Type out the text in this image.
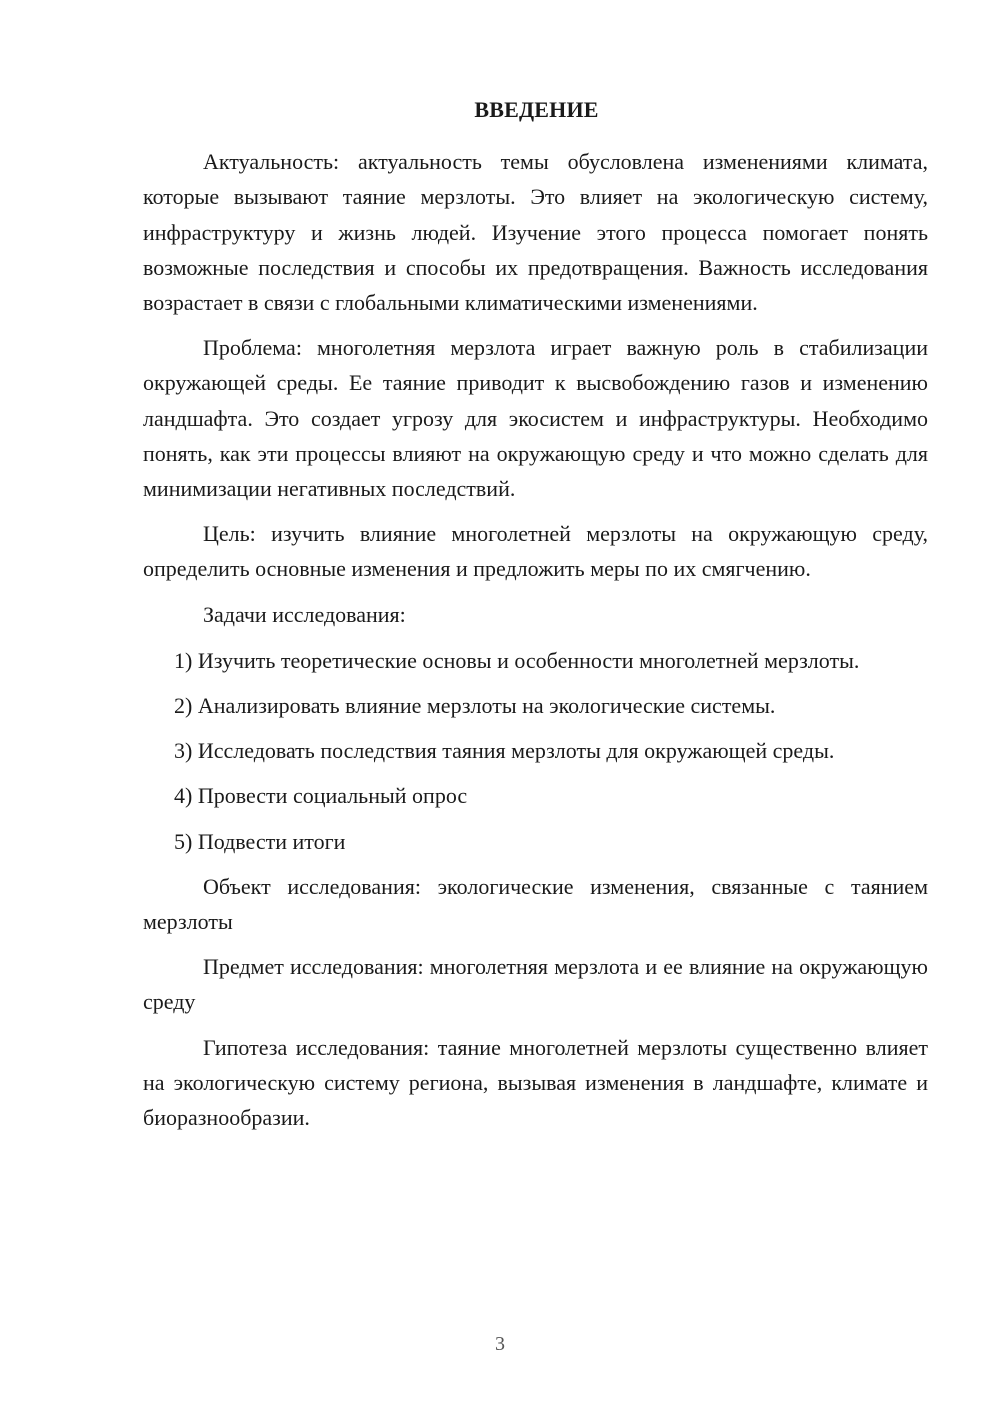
ВВЕДЕНИЕ

Актуальность: актуальность темы обусловлена изменениями климата, которые вызывают таяние мерзлоты. Это влияет на экологическую систему, инфраструктуру и жизнь людей. Изучение этого процесса помогает понять возможные последствия и способы их предотвращения. Важность исследования возрастает в связи с глобальными климатическими изменениями.

Проблема: многолетняя мерзлота играет важную роль в стабилизации окружающей среды. Ее таяние приводит к высвобождению газов и изменению ландшафта. Это создает угрозу для экосистем и инфраструктуры. Необходимо понять, как эти процессы влияют на окружающую среду и что можно сделать для минимизации негативных последствий.

Цель: изучить влияние многолетней мерзлоты на окружающую среду, определить основные изменения и предложить меры по их смягчению.

Задачи исследования:

1) Изучить теоретические основы и особенности многолетней мерзлоты.

2) Анализировать влияние мерзлоты на экологические системы.

3) Исследовать последствия таяния мерзлоты для окружающей среды.

4) Провести социальный опрос

5) Подвести итоги

Объект исследования: экологические изменения, связанные с таянием мерзлоты

Предмет исследования: многолетняя мерзлота и ее влияние на окружающую среду

Гипотеза исследования: таяние многолетней мерзлоты существенно влияет на экологическую систему региона, вызывая изменения в ландшафте, климате и биоразнообразии.

3
